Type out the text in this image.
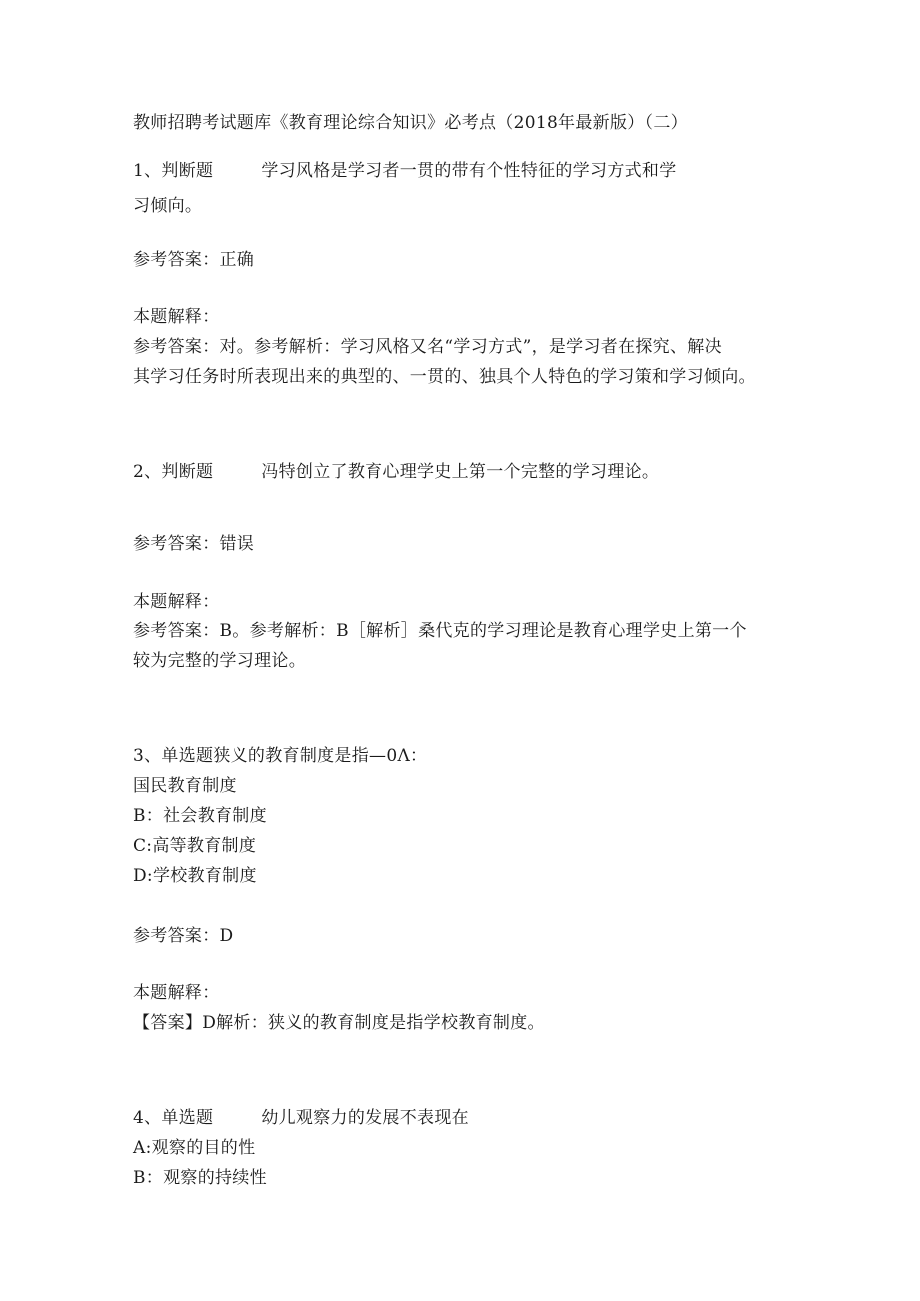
教师招聘考试题库《教育理论综合知识》必考点（2018年最新版）（二）
1、判断题	学习风格是学习者一贯的带有个性特征的学习方式和学
习倾向。
参考答案：正确
本题解释：
参考答案：对。参考解析：学习风格又名“学习方式”，是学习者在探究、解决
其学习任务时所表现出来的典型的、一贯的、独具个人特色的学习策和学习倾向。
2、判断题	冯特创立了教育心理学史上第一个完整的学习理论。
参考答案：错误
本题解释：
参考答案：B。参考解析：B［解析］桑代克的学习理论是教育心理学史上第一个
较为完整的学习理论。
3、单选题狭义的教育制度是指—0Λ：
国民教育制度
B：社会教育制度
C:高等教育制度
D:学校教育制度
参考答案：D
本题解释：
【答案】D解析：狭义的教育制度是指学校教育制度。
4、单选题	幼儿观察力的发展不表现在
A:观察的目的性
B：观察的持续性
